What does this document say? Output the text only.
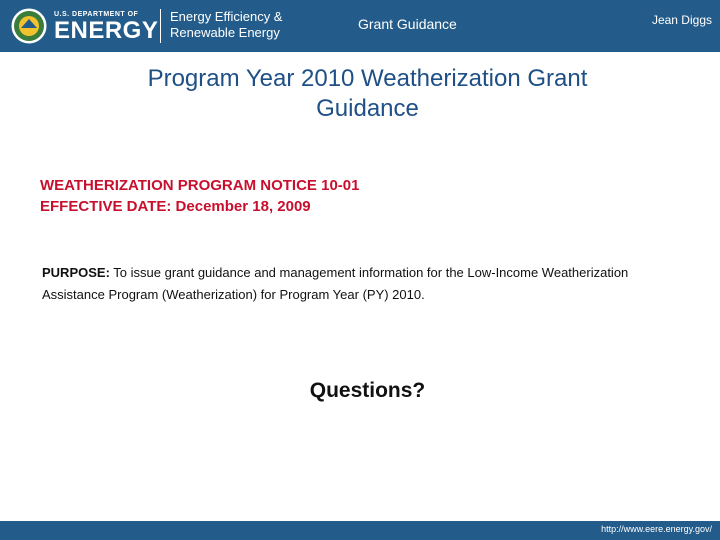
U.S. DEPARTMENT OF
ENERGY
Energy Efficiency &
Renewable Energy
Grant Guidance	Jean Diggs
Program Year 2010 Weatherization Grant
Guidance
WEATHERIZATION PROGRAM NOTICE 10-01
EFFECTIVE DATE: December 18, 2009
PURPOSE: To issue grant guidance and management information for the Low-Income Weatherization Assistance Program (Weatherization) for Program Year (PY) 2010.
Questions?
http://www.eere.energy.gov/
